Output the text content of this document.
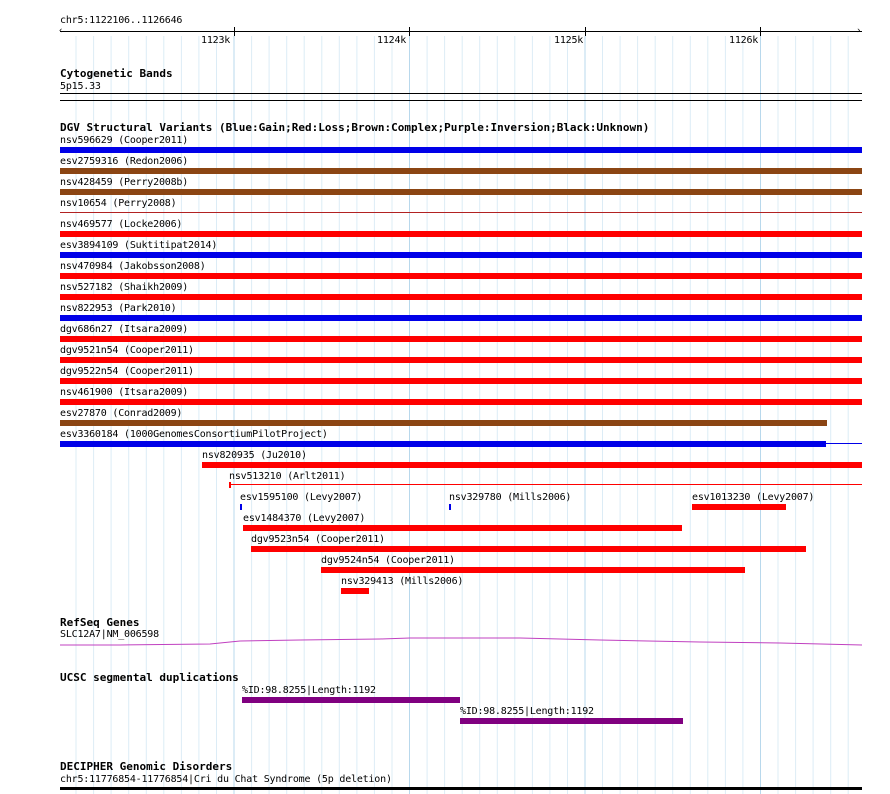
chr5:1122106..1126646
‹	›
1123k	1124k	1125k	1126k
Cytogenetic Bands
5p15.33
DGV Structural Variants (Blue:Gain;Red:Loss;Brown:Complex;Purple:Inversion;Black:Unknown)
nsv596629 (Cooper2011)
esv2759316 (Redon2006)
nsv428459 (Perry2008b)
nsv10654 (Perry2008)
nsv469577 (Locke2006)
esv3894109 (Suktitipat2014)
nsv470984 (Jakobsson2008)
nsv527182 (Shaikh2009)
nsv822953 (Park2010)
dgv686n27 (Itsara2009)
dgv9521n54 (Cooper2011)
dgv9522n54 (Cooper2011)
nsv461900 (Itsara2009)
esv27870 (Conrad2009)
esv3360184 (1000GenomesConsortiumPilotProject)
nsv820935 (Ju2010)
nsv513210 (Arlt2011)
esv1595100 (Levy2007)	nsv329780 (Mills2006)	esv1013230 (Levy2007)
esv1484370 (Levy2007)
dgv9523n54 (Cooper2011)
dgv9524n54 (Cooper2011)
nsv329413 (Mills2006)
RefSeq Genes
SLC12A7|NM_006598
UCSC segmental duplications
%ID:98.8255|Length:1192
%ID:98.8255|Length:1192
DECIPHER Genomic Disorders
chr5:11776854-11776854|Cri du Chat Syndrome (5p deletion)
